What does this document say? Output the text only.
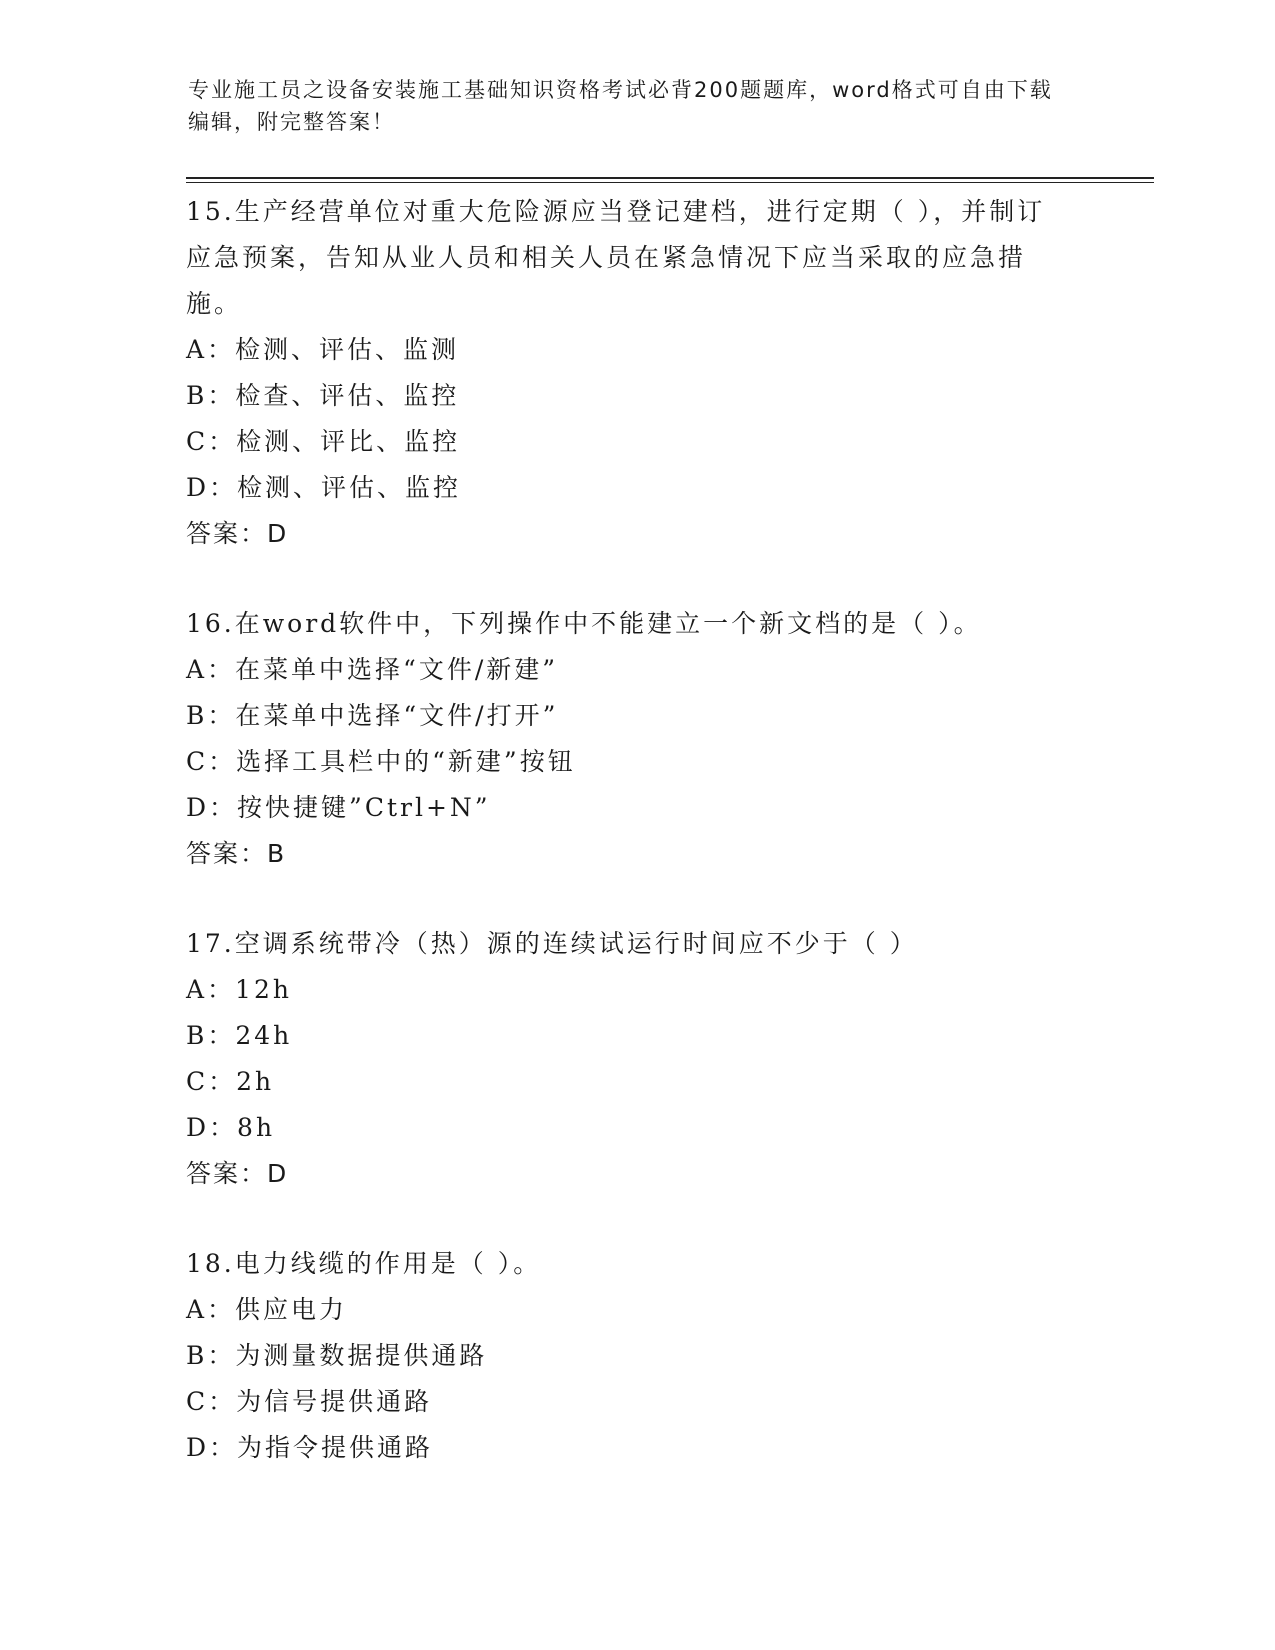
专业施工员之设备安装施工基础知识资格考试必背200题题库，word格式可自由下载编辑，附完整答案！
15.生产经营单位对重大危险源应当登记建档，进行定期（ ），并制订应急预案，告知从业人员和相关人员在紧急情况下应当采取的应急措施。
A：检测、评估、监测
B：检查、评估、监控
C：检测、评比、监控
D：检测、评估、监控
答案：D
16.在word软件中，下列操作中不能建立一个新文档的是（ ）。
A：在菜单中选择“文件/新建”
B：在菜单中选择“文件/打开”
C：选择工具栏中的“新建”按钮
D：按快捷键”Ctrl+N”
答案：B
17.空调系统带冷（热）源的连续试运行时间应不少于（ ）
A：12h
B：24h
C：2h
D：8h
答案：D
18.电力线缆的作用是（ ）。
A：供应电力
B：为测量数据提供通路
C：为信号提供通路
D：为指令提供通路
